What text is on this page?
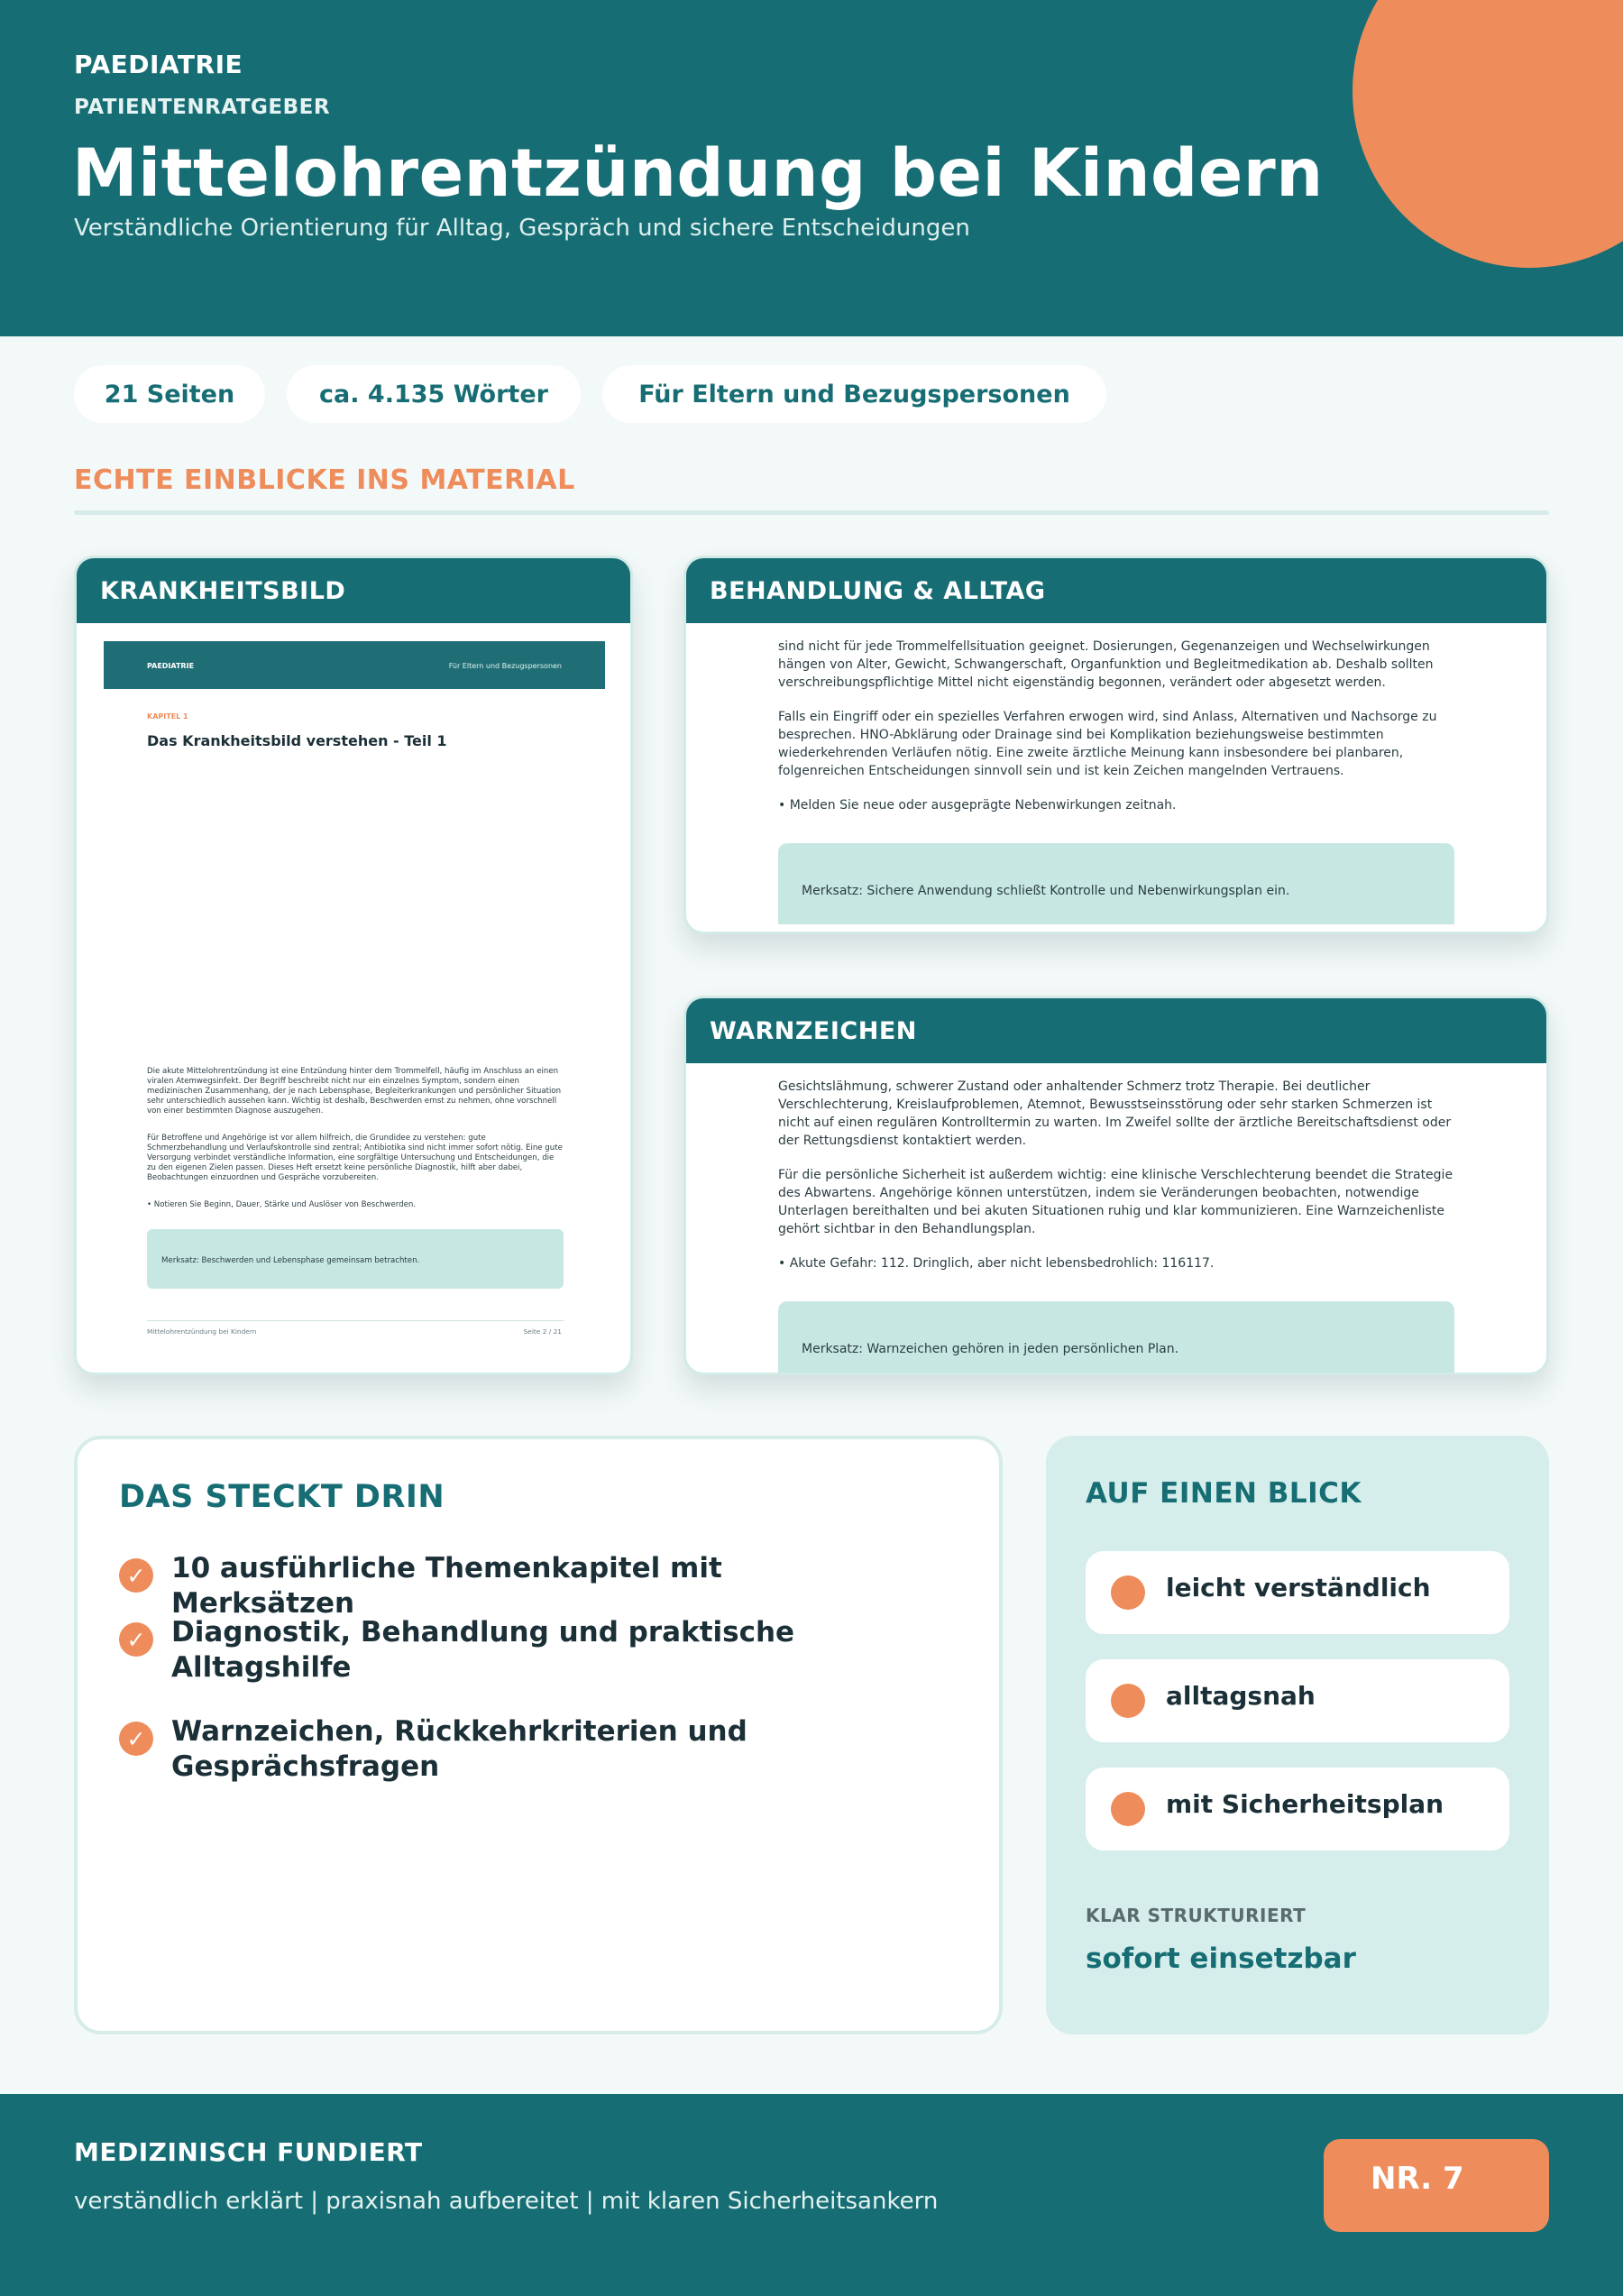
PAEDIATRIE
PATIENTENRATGEBER
Mittelohrentzündung bei Kindern
Verständliche Orientierung für Alltag, Gespräch und sichere Entscheidungen
21 Seiten	ca. 4.135 Wörter	Für Eltern und Bezugspersonen
ECHTE EINBLICKE INS MATERIAL
KRANKHEITSBILD
PAEDIATRIE	Für Eltern und Bezugspersonen
KAPITEL 1
Das Krankheitsbild verstehen - Teil 1
Die akute Mittelohrentzündung ist eine Entzündung hinter dem Trommelfell, häufig im Anschluss an einen viralen Atemwegsinfekt. Der Begriff beschreibt nicht nur ein einzelnes Symptom, sondern einen medizinischen Zusammenhang, der je nach Lebensphase, Begleiterkrankungen und persönlicher Situation sehr unterschiedlich aussehen kann. Wichtig ist deshalb, Beschwerden ernst zu nehmen, ohne vorschnell von einer bestimmten Diagnose auszugehen.
Für Betroffene und Angehörige ist vor allem hilfreich, die Grundidee zu verstehen: gute Schmerzbehandlung und Verlaufskontrolle sind zentral; Antibiotika sind nicht immer sofort nötig. Eine gute Versorgung verbindet verständliche Information, eine sorgfältige Untersuchung und Entscheidungen, die zu den eigenen Zielen passen. Dieses Heft ersetzt keine persönliche Diagnostik, hilft aber dabei, Beobachtungen einzuordnen und Gespräche vorzubereiten.
• Notieren Sie Beginn, Dauer, Stärke und Auslöser von Beschwerden.
Merksatz: Beschwerden und Lebensphase gemeinsam betrachten.
Mittelohrentzündung bei Kindern	Seite 2 / 21
BEHANDLUNG & ALLTAG
sind nicht für jede Trommelfellsituation geeignet. Dosierungen, Gegenanzeigen und Wechselwirkungen hängen von Alter, Gewicht, Schwangerschaft, Organfunktion und Begleitmedikation ab. Deshalb sollten verschreibungspflichtige Mittel nicht eigenständig begonnen, verändert oder abgesetzt werden.
Falls ein Eingriff oder ein spezielles Verfahren erwogen wird, sind Anlass, Alternativen und Nachsorge zu besprechen. HNO-Abklärung oder Drainage sind bei Komplikation beziehungsweise bestimmten wiederkehrenden Verläufen nötig. Eine zweite ärztliche Meinung kann insbesondere bei planbaren, folgenreichen Entscheidungen sinnvoll sein und ist kein Zeichen mangelnden Vertrauens.
• Melden Sie neue oder ausgeprägte Nebenwirkungen zeitnah.
Merksatz: Sichere Anwendung schließt Kontrolle und Nebenwirkungsplan ein.
WARNZEICHEN
Gesichtslähmung, schwerer Zustand oder anhaltender Schmerz trotz Therapie. Bei deutlicher Verschlechterung, Kreislaufproblemen, Atemnot, Bewusstseinsstörung oder sehr starken Schmerzen ist nicht auf einen regulären Kontrolltermin zu warten. Im Zweifel sollte der ärztliche Bereitschaftsdienst oder der Rettungsdienst kontaktiert werden.
Für die persönliche Sicherheit ist außerdem wichtig: eine klinische Verschlechterung beendet die Strategie des Abwartens. Angehörige können unterstützen, indem sie Veränderungen beobachten, notwendige Unterlagen bereithalten und bei akuten Situationen ruhig und klar kommunizieren. Eine Warnzeichenliste gehört sichtbar in den Behandlungsplan.
• Akute Gefahr: 112. Dringlich, aber nicht lebensbedrohlich: 116117.
Merksatz: Warnzeichen gehören in jeden persönlichen Plan.
DAS STECKT DRIN
✓ 10 ausführliche Themenkapitel mit Merksätzen
✓ Diagnostik, Behandlung und praktische Alltagshilfe
✓ Warnzeichen, Rückkehrkriterien und Gesprächsfragen
AUF EINEN BLICK
leicht verständlich
alltagsnah
mit Sicherheitsplan
KLAR STRUKTURIERT
sofort einsetzbar
MEDIZINISCH FUNDIERT
verständlich erklärt | praxisnah aufbereitet | mit klaren Sicherheitsankern
NR. 7
